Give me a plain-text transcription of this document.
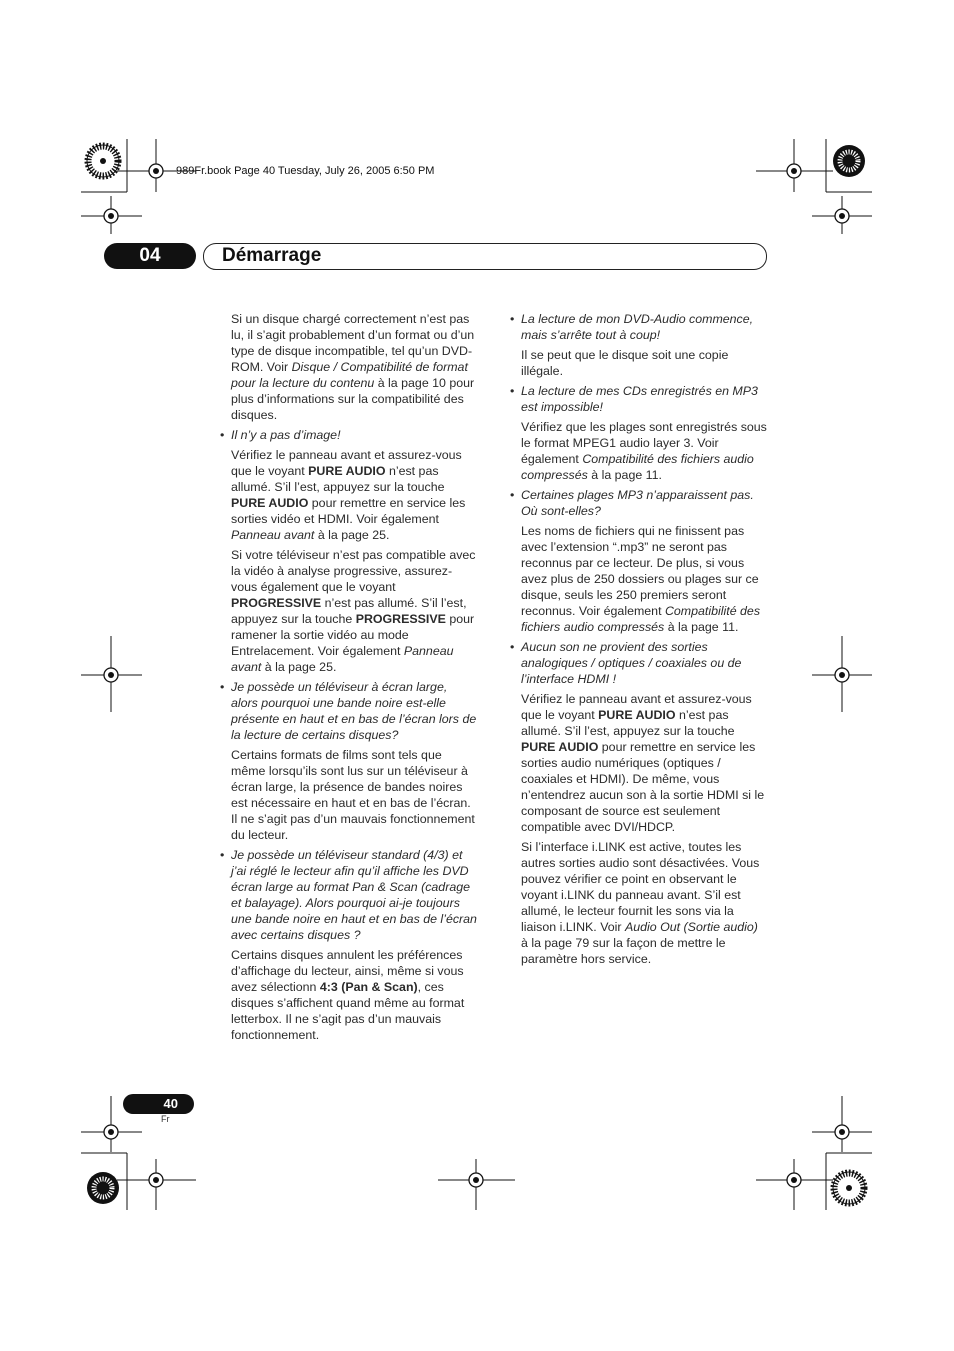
989Fr.book Page 40 Tuesday, July 26, 2005 6:50 PM
04	Démarrage

Si un disque chargé correctement n’est pas lu, il s’agit probablement d’un format ou d’un type de disque incompatible, tel qu’un DVD-ROM. Voir Disque / Compatibilité de format pour la lecture du contenu à la page 10 pour plus d’informations sur la compatibilité des disques.

• Il n’y a pas d’image!

Vérifiez le panneau avant et assurez-vous que le voyant PURE AUDIO n’est pas allumé. S’il l’est, appuyez sur la touche PURE AUDIO pour remettre en service les sorties vidéo et HDMI. Voir également Panneau avant à la page 25.

Si votre téléviseur n’est pas compatible avec la vidéo à analyse progressive, assurez-vous également que le voyant PROGRESSIVE n’est pas allumé. S’il l’est, appuyez sur la touche PROGRESSIVE pour ramener la sortie vidéo au mode Entrelacement. Voir également Panneau avant à la page 25.

• Je possède un téléviseur à écran large, alors pourquoi une bande noire est-elle présente en haut et en bas de l’écran lors de la lecture de certains disques?

Certains formats de films sont tels que même lorsqu’ils sont lus sur un téléviseur à écran large, la présence de bandes noires est nécessaire en haut et en bas de l’écran. Il ne s’agit pas d’un mauvais fonctionnement du lecteur.

• Je possède un téléviseur standard (4/3) et j’ai réglé le lecteur afin qu’il affiche les DVD écran large au format Pan & Scan (cadrage et balayage). Alors pourquoi ai-je toujours une bande noire en haut et en bas de l’écran avec certains disques ?

Certains disques annulent les préférences d’affichage du lecteur, ainsi, même si vous avez sélectionn 4:3 (Pan & Scan), ces disques s’affichent quand même au format letterbox. Il ne s’agit pas d’un mauvais fonctionnement.

• La lecture de mon DVD-Audio commence, mais s’arrête tout à coup!

Il se peut que le disque soit une copie illégale.

• La lecture de mes CDs enregistrés en MP3 est impossible!

Vérifiez que les plages sont enregistrés sous le format MPEG1 audio layer 3. Voir également Compatibilité des fichiers audio compressés à la page 11.

• Certaines plages MP3 n’apparaissent pas. Où sont-elles?

Les noms de fichiers qui ne finissent pas avec l’extension “.mp3” ne seront pas reconnus par ce lecteur. De plus, si vous avez plus de 250 dossiers ou plages sur ce disque, seuls les 250 premiers seront reconnus. Voir également Compatibilité des fichiers audio compressés à la page 11.

• Aucun son ne provient des sorties analogiques / optiques / coaxiales ou de l’interface HDMI !

Vérifiez le panneau avant et assurez-vous que le voyant PURE AUDIO n’est pas allumé. S’il l’est, appuyez sur la touche PURE AUDIO pour remettre en service les sorties audio numériques (optiques / coaxiales et HDMI). De même, vous n’entendrez aucun son à la sortie HDMI si le composant de source est seulement compatible avec DVI/HDCP.

Si l’interface i.LINK est active, toutes les autres sorties audio sont désactivées. Vous pouvez vérifier ce point en observant le voyant i.LINK du panneau avant. S’il est allumé, le lecteur fournit les sons via la liaison i.LINK. Voir Audio Out (Sortie audio) à la page 79 sur la façon de mettre le paramètre hors service.

40
Fr
